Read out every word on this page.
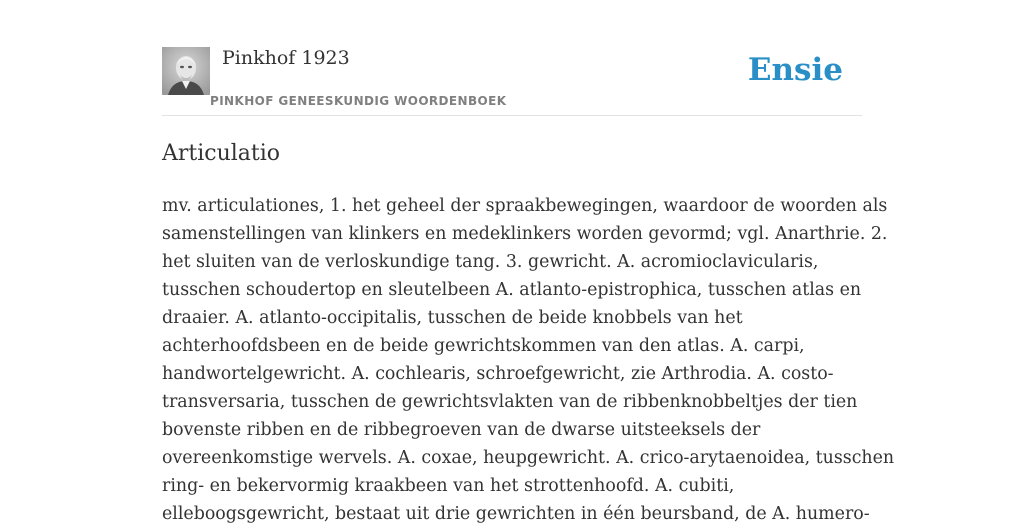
Pinkhof 1923
PINKHOF GENEESKUNDIG WOORDENBOEK
Ensie
Articulatio
mv. articulationes, 1. het geheel der spraakbewegingen, waardoor de woorden als
samenstellingen van klinkers en medeklinkers worden gevormd; vgl. Anarthrie. 2.
het sluiten van de verloskundige tang. 3. gewricht. A. acromioclavicularis,
tusschen schoudertop en sleutelbeen A. atlanto-epistrophica, tusschen atlas en
draaier. A. atlanto-occipitalis, tusschen de beide knobbels van het
achterhoofdsbeen en de beide gewrichtskommen van den atlas. A. carpi,
handwortelgewricht. A. cochlearis, schroefgewricht, zie Arthrodia. A. costo-
transversaria, tusschen de gewrichtsvlakten van de ribbenknobbeltjes der tien
bovenste ribben en de ribbegroeven van de dwarse uitsteeksels der
overeenkomstige wervels. A. coxae, heupgewricht. A. crico-arytaenoidea, tusschen
ring- en bekervormig kraakbeen van het strottenhoofd. A. cubiti,
elleboogsgewricht, bestaat uit drie gewrichten in één beursband, de A. humero-
